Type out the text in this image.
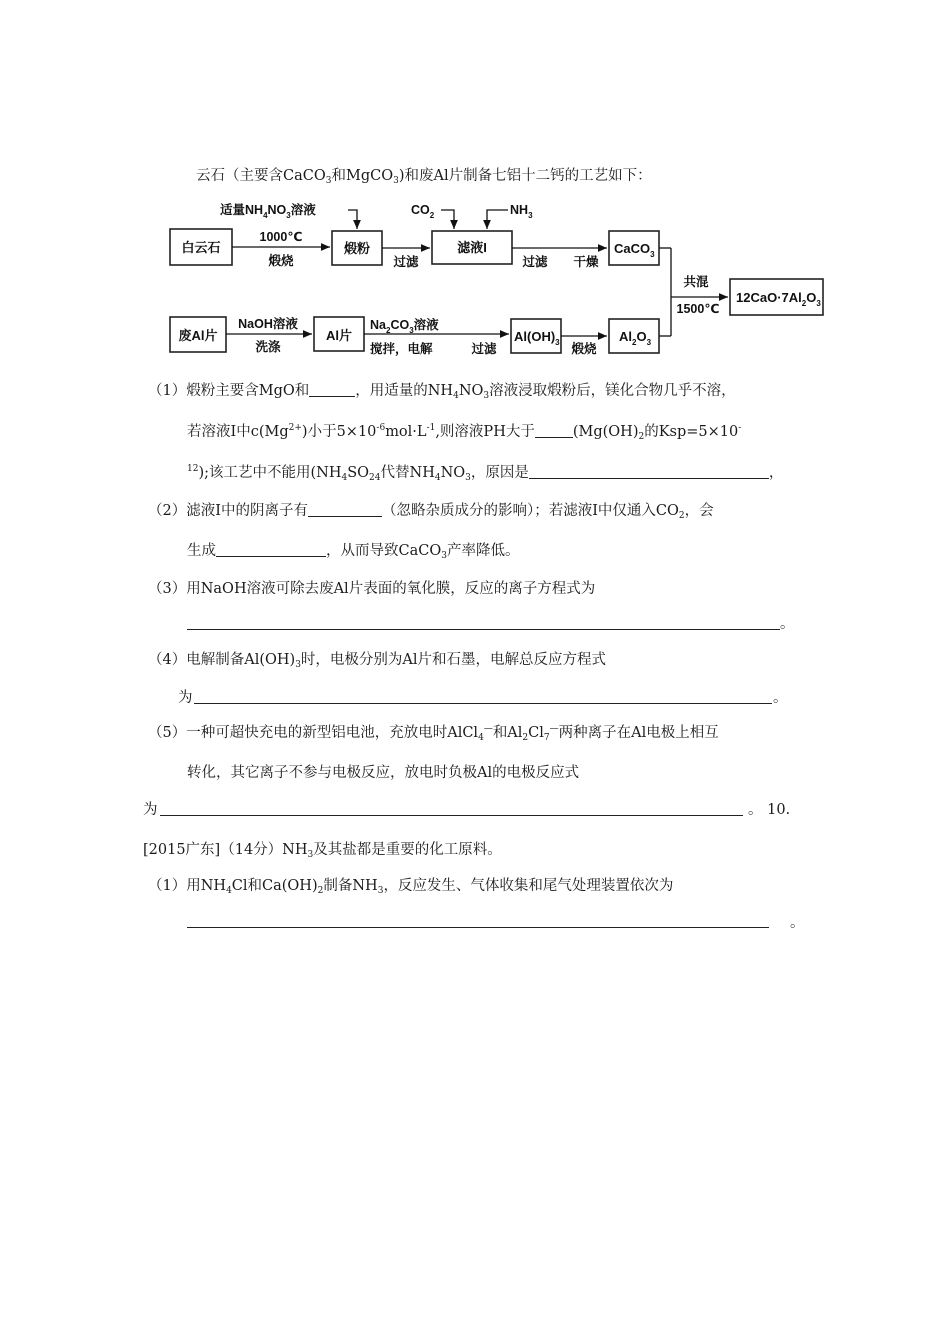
云石（主要含CaCO$_3$和MgCO$_3$)和废Al片制备七铝十二钙的工艺如下：
白云石	煅粉	滤液I	CaCO$_3$
$12CaO\cdot 7Al_2O_3$
废Al片	Al片	$Al(OH)_3$	$Al_2O_3$
适量$NH_4NO_3$溶液	$CO_2$	$NH_3$
1000℃
煅烧	过滤	过滤 干燥
共混
1500℃
NaOH溶液
洗涤
$Na_2CO_3$溶液
搅拌，电解	过滤	煅烧
（1）煅粉主要含MgO和	，用适量的$NH_4NO_3$溶液浸取煅粉后，镁化合物几乎不溶，
若溶液I中$c(Mg^{2+})$小于$5\times 10^{-6}mol\cdot L^{-1}$,则溶液PH大于	($Mg(OH)_2$的Ksp=5×10-
$^{12}$);该工艺中不能用($NH_4SO_{24}$代替$NH_4NO_3$，原因是	，
（2）滤液I中的阴离子有	（忽略杂质成分的影响）；若滤液I中仅通入$CO_2$，会
生成	，从而导致CaCO$_3$产率降低。
（3）用NaOH溶液可除去废Al片表面的氧化膜，反应的离子方程式为
。
（4）电解制备$Al(OH)_3$时，电极分别为Al片和石墨，电解总反应方程式
为	。
（5）一种可超快充电的新型铝电池，充放电时AlCl$_4$—和$Al_2Cl_7^—$两种离子在Al电极上相互
转化，其它离子不参与电极反应，放电时负极Al的电极反应式
为	。 10.
[2015广东]（14分）$NH_3$及其盐都是重要的化工原料。
（1）用$NH_4Cl$和$Ca(OH)_2$制备$NH_3$，反应发生、气体收集和尾气处理装置依次为
。
